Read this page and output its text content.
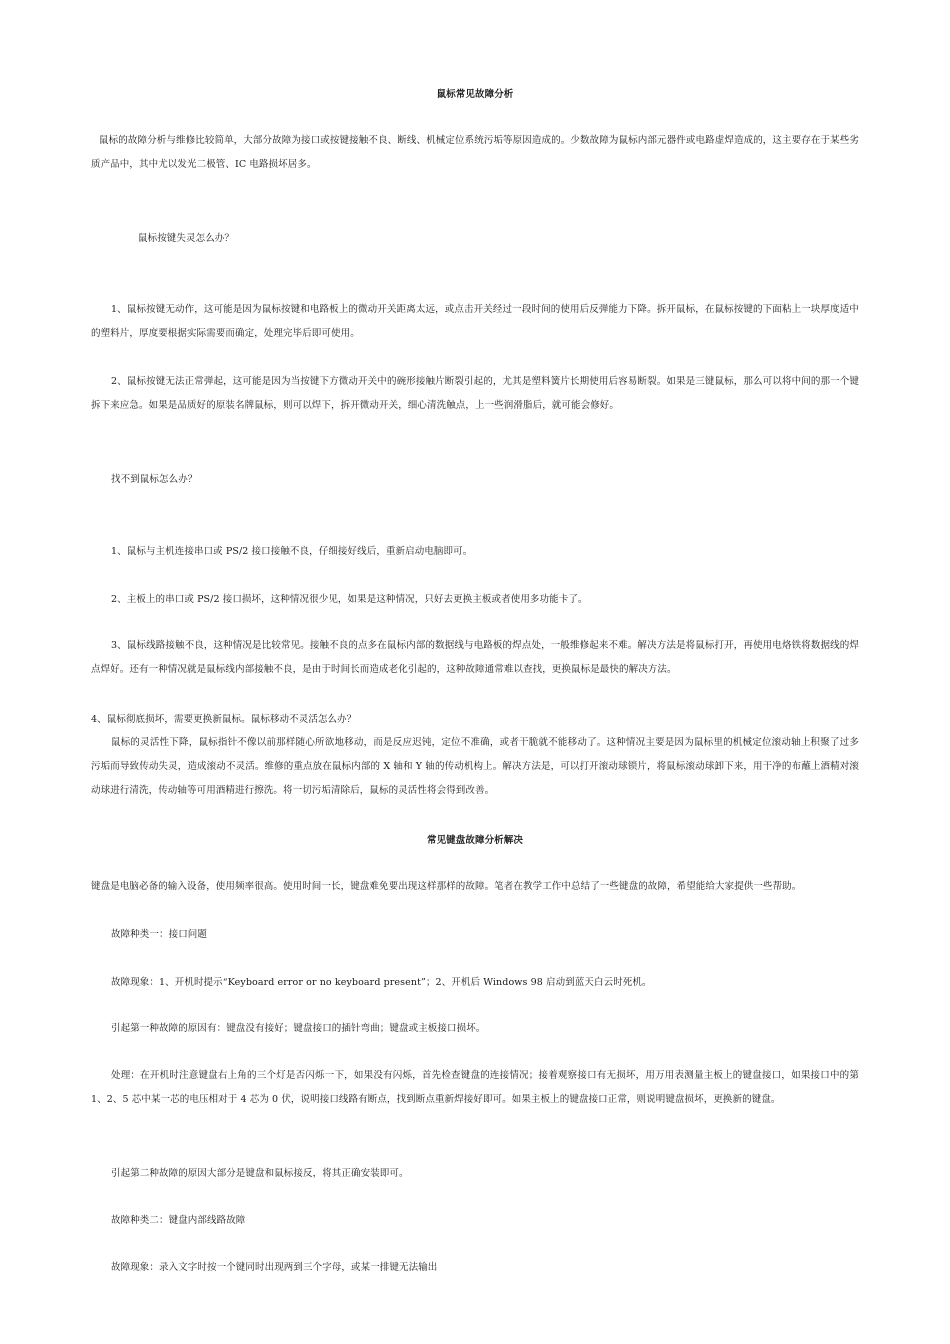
鼠标常见故障分析
鼠标的故障分析与维修比较简单，大部分故障为接口或按键接触不良、断线、机械定位系统污垢等原因造成的。少数故障为鼠标内部元器件或电路虚焊造成的，这主要存在于某些劣质产品中，其中尤以发光二极管、IC 电路损坏居多。
鼠标按键失灵怎么办？
1、鼠标按键无动作，这可能是因为鼠标按键和电路板上的微动开关距离太远，或点击开关经过一段时间的使用后反弹能力下降。拆开鼠标，在鼠标按键的下面粘上一块厚度适中的塑料片，厚度要根据实际需要而确定，处理完毕后即可使用。
2、鼠标按键无法正常弹起，这可能是因为当按键下方微动开关中的碗形接触片断裂引起的，尤其是塑料簧片长期使用后容易断裂。如果是三键鼠标，那么可以将中间的那一个键拆下来应急。如果是品质好的原装名牌鼠标，则可以焊下，拆开微动开关，细心清洗触点，上一些润滑脂后，就可能会修好。
找不到鼠标怎么办？
1、鼠标与主机连接串口或 PS/2 接口接触不良，仔细接好线后，重新启动电脑即可。
2、主板上的串口或 PS/2 接口损坏，这种情况很少见，如果是这种情况，只好去更换主板或者使用多功能卡了。
3、鼠标线路接触不良，这种情况是比较常见。接触不良的点多在鼠标内部的数据线与电路板的焊点处，一般维修起来不难。解决方法是将鼠标打开，再使用电烙铁将数据线的焊点焊好。还有一种情况就是鼠标线内部接触不良，是由于时间长而造成老化引起的，这种故障通常难以查找，更换鼠标是最快的解决方法。
4、鼠标彻底损坏，需要更换新鼠标。鼠标移动不灵活怎么办？
鼠标的灵活性下降，鼠标指针不像以前那样随心所欲地移动，而是反应迟钝，定位不准确，或者干脆就不能移动了。这种情况主要是因为鼠标里的机械定位滚动轴上积聚了过多污垢而导致传动失灵，造成滚动不灵活。维修的重点放在鼠标内部的 X 轴和 Y 轴的传动机构上。解决方法是，可以打开滚动球锁片，将鼠标滚动球卸下来，用干净的布蘸上酒精对滚动球进行清洗，传动轴等可用酒精进行擦洗。将一切污垢清除后，鼠标的灵活性将会得到改善。
常见键盘故障分析解决
键盘是电脑必备的输入设备，使用频率很高。使用时间一长，键盘难免要出现这样那样的故障。笔者在教学工作中总结了一些键盘的故障，希望能给大家提供一些帮助。
故障种类一：接口问题
故障现象：1、开机时提示“Keyboard error or no keyboard present”；2、开机后 Windows 98 启动到蓝天白云时死机。
引起第一种故障的原因有：键盘没有接好；键盘接口的插针弯曲；键盘或主板接口损坏。
处理：在开机时注意键盘右上角的三个灯是否闪烁一下，如果没有闪烁，首先检查键盘的连接情况；接着观察接口有无损坏，用万用表测量主板上的键盘接口，如果接口中的第 1、2、5 芯中某一芯的电压相对于 4 芯为 0 伏，说明接口线路有断点，找到断点重新焊接好即可。如果主板上的键盘接口正常，则说明键盘损坏，更换新的键盘。
引起第二种故障的原因大部分是键盘和鼠标接反，将其正确安装即可。
故障种类二：键盘内部线路故障
故障现象：录入文字时按一个键同时出现两到三个字母，或某一排键无法输出
